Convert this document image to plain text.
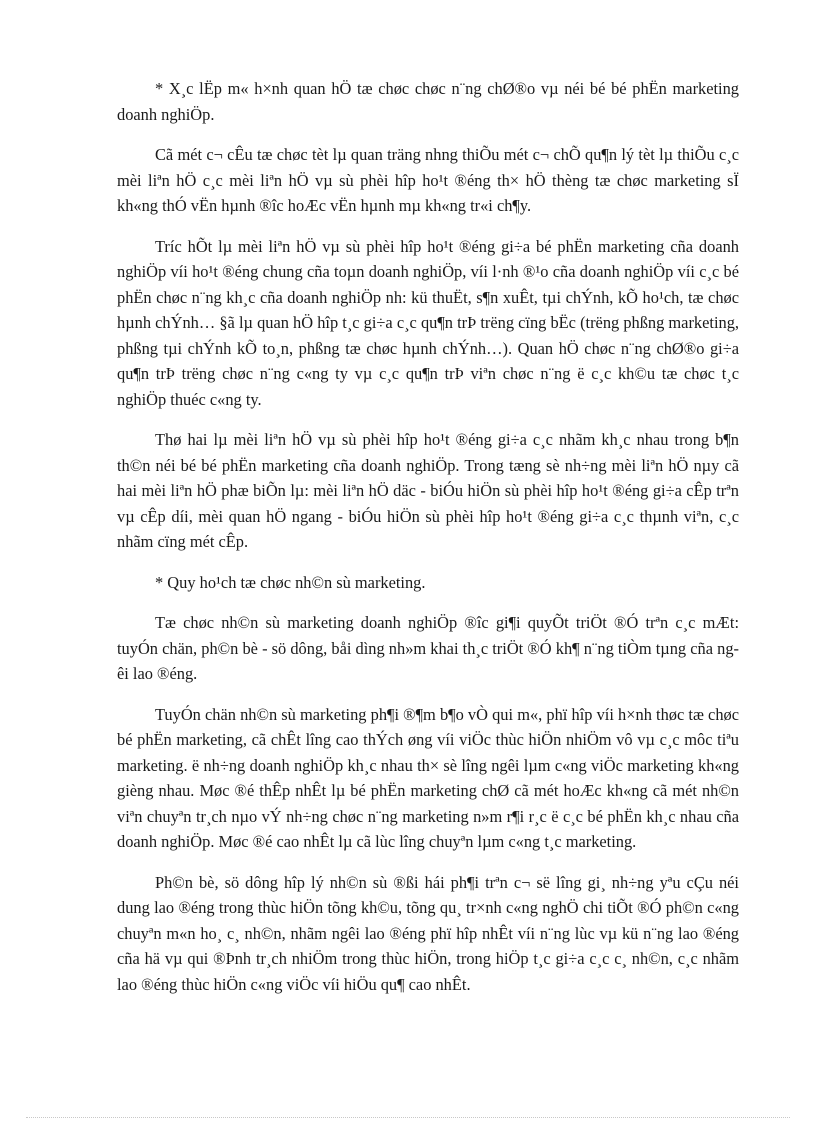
* X¸c lËp m« h×nh quan hÖ tæ chøc chøc n¨ng chØ®o vµ néi bé bé phËn marketing doanh nghiÖp.

Cã mét c¬ cÊu tæ chøc tèt lµ quan träng nhng thiÕu mét c¬ chÕ qu¶n lý tèt lµ thiÕu c¸c mèi liªn hÖ c¸c mèi liªn hÖ vµ sù phèi hîp ho¹t ®éng th× hÖ thèng tæ chøc marketing sÏ kh«ng thÓ vËn hµnh ®îc hoÆc vËn hµnh mµ kh«ng tr«i ch¶y.

Tríc hÕt lµ mèi liªn hÖ vµ sù phèi hîp ho¹t ®éng gi÷a bé phËn marketing cña doanh nghiÖp víi ho¹t ®éng chung cña toµn doanh nghiÖp, víi l·nh ®¹o cña doanh nghiÖp víi c¸c bé phËn chøc n¨ng kh¸c cña doanh nghiÖp nh: kü thuËt, s¶n xuÊt, tµi chÝnh, kÕ ho¹ch, tæ chøc hµnh chÝnh… §ã lµ quan hÖ hîp t¸c gi÷a c¸c qu¶n trÞ trëng cïng bËc (trëng phßng marketing, phßng tµi chÝnh kÕ to¸n, phßng tæ chøc hµnh chÝnh…). Quan hÖ chøc n¨ng chØ®o gi÷a qu¶n trÞ trëng chøc n¨ng c«ng ty vµ c¸c qu¶n trÞ viªn chøc n¨ng ë c¸c kh©u tæ chøc t¸c nghiÖp thuéc c«ng ty.

Thø hai lµ mèi liªn hÖ vµ sù phèi hîp ho¹t ®éng gi÷a c¸c nhãm kh¸c nhau trong b¶n th©n néi bé bé phËn marketing cña doanh nghiÖp. Trong tæng sè nh÷ng mèi liªn hÖ nµy cã hai mèi liªn hÖ phæ biÕn lµ: mèi liªn hÖ däc - biÓu hiÖn sù phèi hîp ho¹t ®éng gi÷a cÊp trªn vµ cÊp díi, mèi quan hÖ ngang - biÓu hiÖn sù phèi hîp ho¹t ®éng gi÷a c¸c thµnh viªn, c¸c nhãm cïng mét cÊp.

* Quy ho¹ch tæ chøc nh©n sù marketing.

Tæ chøc nh©n sù marketing doanh nghiÖp ®îc gi¶i quyÕt triÖt ®Ó trªn c¸c mÆt: tuyÓn chän, ph©n bè - sö dông, båi dìng nh»m khai th¸c triÖt ®Ó kh¶ n¨ng tiÒm tµng cña ngêi lao ®éng.

TuyÓn chän nh©n sù marketing ph¶i ®¶m b¶o vÒ qui m«, phï hîp víi h×nh thøc tæ chøc bé phËn marketing, cã chÊt lîng cao thÝch øng víi viÖc thùc hiÖn nhiÖm vô vµ c¸c môc tiªu marketing. ë nh÷ng doanh nghiÖp kh¸c nhau th× sè lîng ngêi lµm c«ng viÖc marketing kh«ng gièng nhau. Møc ®é thÊp nhÊt lµ bé phËn marketing chØ cã mét hoÆc kh«ng cã mét nh©n viªn chuyªn tr¸ch nµo vÝ nh÷ng chøc n¨ng marketing n»m r¶i r¸c ë c¸c bé phËn kh¸c nhau cña doanh nghiÖp. Møc ®é cao nhÊt lµ cã lùc lîng chuyªn lµm c«ng t¸c marketing.

Ph©n bè, sö dông hîp lý nh©n sù ®ßi hái ph¶i trªn c¬ së lîng gi¸ nh÷ng yªu cÇu néi dung lao ®éng trong thùc hiÖn tõng kh©u, tõng qu¸ tr×nh c«ng nghÖ chi tiÕt ®Ó ph©n c«ng chuyªn m«n ho¸ c¸ nh©n, nhãm ngêi lao ®éng phï hîp nhÊt víi n¨ng lùc vµ kü n¨ng lao ®éng cña hä vµ qui ®Þnh tr¸ch nhiÖm trong thùc hiÖn, trong hiÖp t¸c gi÷a c¸c c¸ nh©n, c¸c nhãm lao ®éng thùc hiÖn c«ng viÖc víi hiÖu qu¶ cao nhÊt.
